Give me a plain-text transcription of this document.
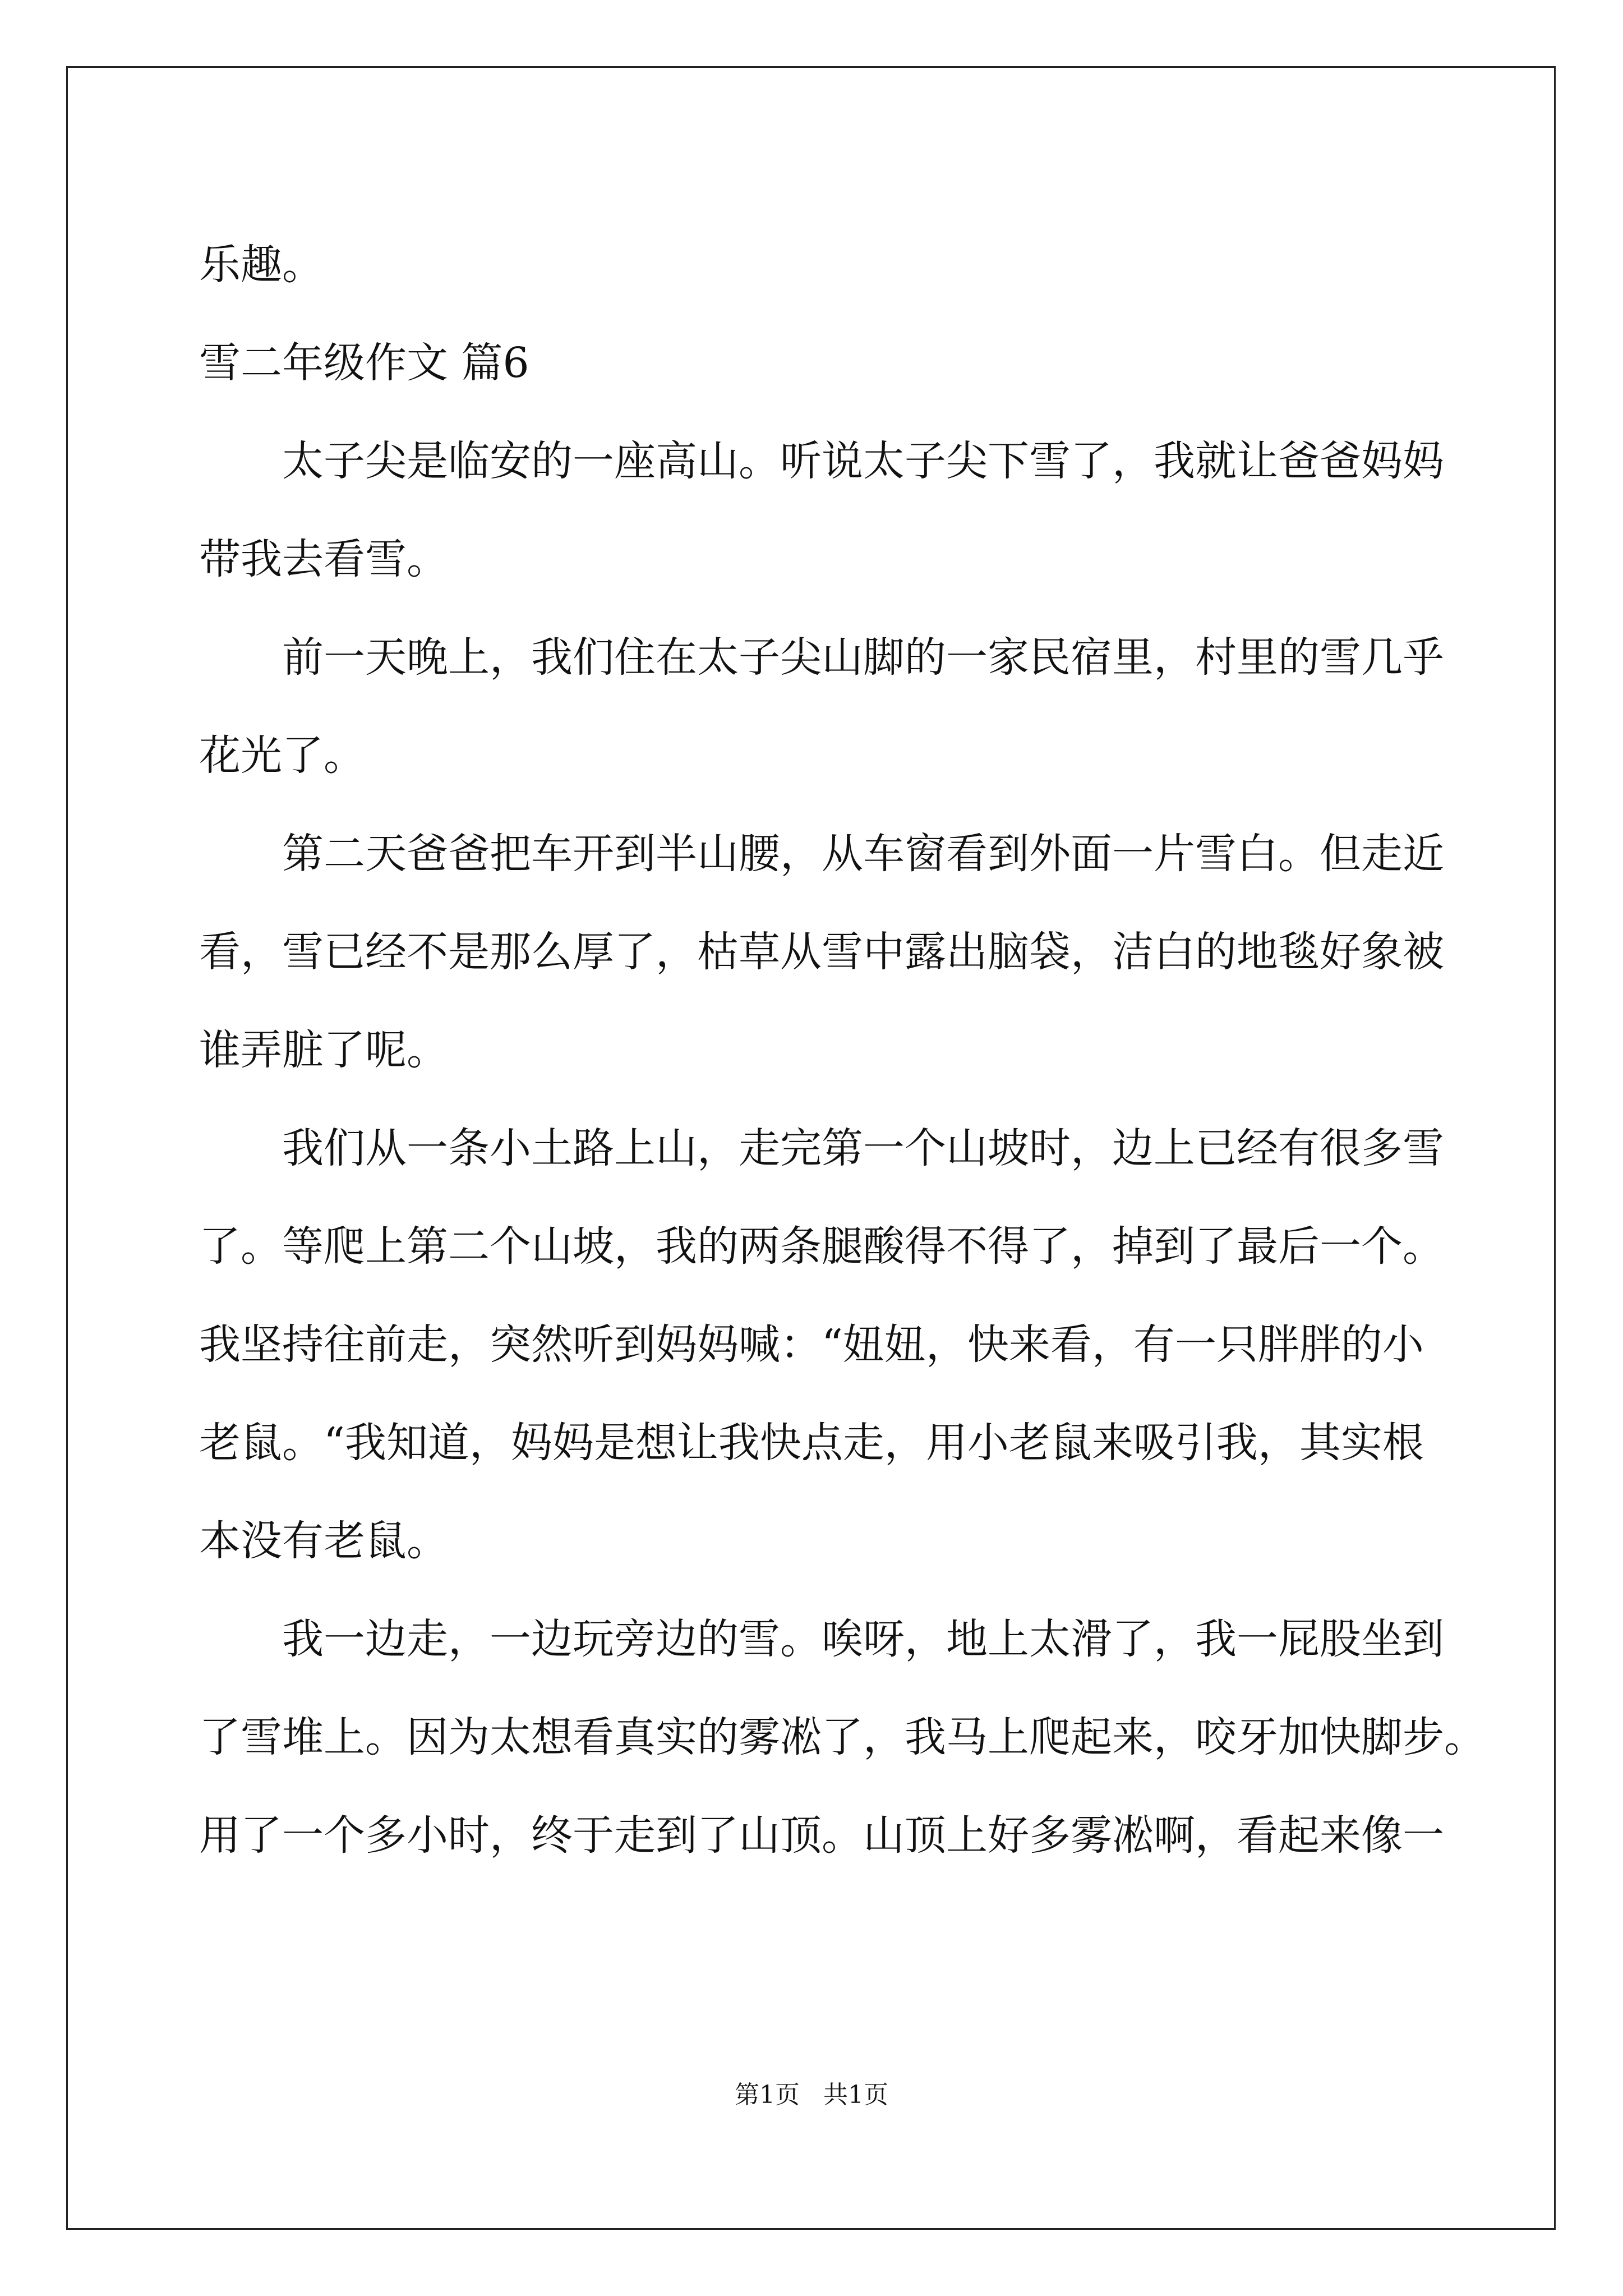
乐趣。
雪二年级作文 篇6
太子尖是临安的一座高山。听说太子尖下雪了，我就让爸爸妈妈
带我去看雪。
前一天晚上，我们住在太子尖山脚的一家民宿里，村里的雪几乎
花光了。
第二天爸爸把车开到半山腰，从车窗看到外面一片雪白。但走近
看，雪已经不是那么厚了，枯草从雪中露出脑袋，洁白的地毯好象被
谁弄脏了呢。
我们从一条小土路上山，走完第一个山坡时，边上已经有很多雪
了。等爬上第二个山坡，我的两条腿酸得不得了，掉到了最后一个。
我坚持往前走，突然听到妈妈喊：“妞妞，快来看，有一只胖胖的小
老鼠。“我知道，妈妈是想让我快点走，用小老鼠来吸引我，其实根
本没有老鼠。
我一边走，一边玩旁边的雪。唉呀，地上太滑了，我一屁股坐到
了雪堆上。因为太想看真实的雾凇了，我马上爬起来，咬牙加快脚步。
用了一个多小时，终于走到了山顶。山顶上好多雾凇啊，看起来像一
第1页   共1页
